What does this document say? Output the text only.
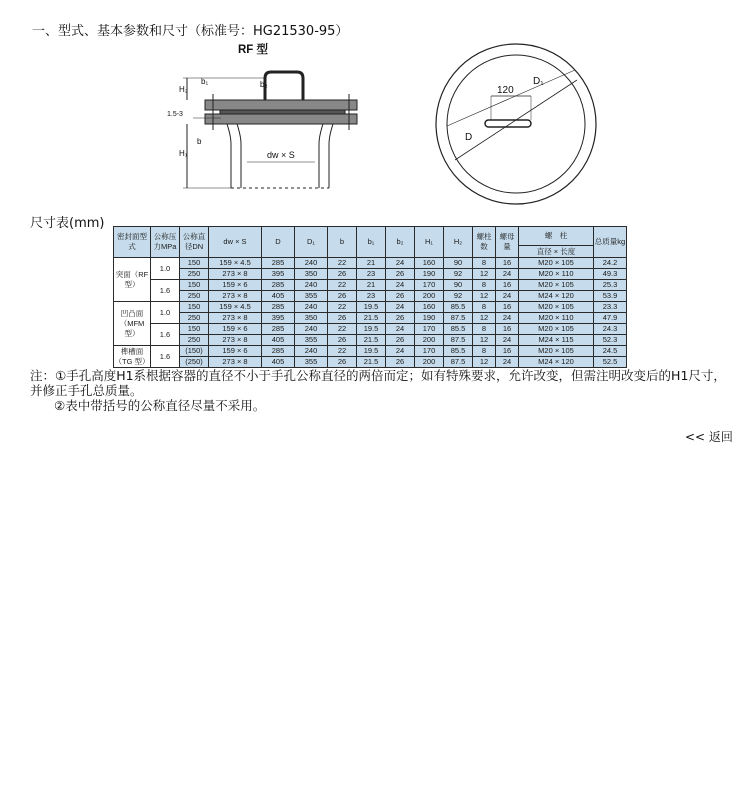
一、型式、基本参数和尺寸（标准号：HG21530-95）
RF 型
H₂
b₁	b₂
1.5-3
H₁
b
dw × S
120
D₁
D
尺寸表(mm)
密封面型式	公称压力MPa	公称直径DN	dw × S	D	D₁	b	b₁	b₂	H₁	H₂	螺柱数	螺母量	螺　柱	总质量kg
													直径 × 长度	
突面（RF 型）	1.0	150	159 × 4.5	285	240	22	21	24	160	90	8	16	M20 × 105	24.2
		250	273 × 8	395	350	26	23	26	190	92	12	24	M20 × 110	49.3
	1.6	150	159 × 6	285	240	22	21	24	170	90	8	16	M20 × 105	25.3
		250	273 × 8	405	355	26	23	26	200	92	12	24	M24 × 120	53.9
凹凸面（MFM 型）	1.0	150	159 × 4.5	285	240	22	19.5	24	160	85.5	8	16	M20 × 105	23.3
		250	273 × 8	395	350	26	21.5	26	190	87.5	12	24	M20 × 110	47.9
	1.6	150	159 × 6	285	240	22	19.5	24	170	85.5	8	16	M20 × 105	24.3
		250	273 × 8	405	355	26	21.5	26	200	87.5	12	24	M24 × 115	52.3
榫槽面（TG 型）	1.6	(150)	159 × 6	285	240	22	19.5	24	170	85.5	8	16	M20 × 105	24.5
		(250)	273 × 8	405	355	26	21.5	26	200	87.5	12	24	M24 × 120	52.5

注：①手孔高度H1系根据容器的直径不小于手孔公称直径的两倍而定；如有特殊要求，允许改变，但需注明改变后的H1尺寸，并修正手孔总质量。

②表中带括号的公称直径尽量不采用。

<< 返回
